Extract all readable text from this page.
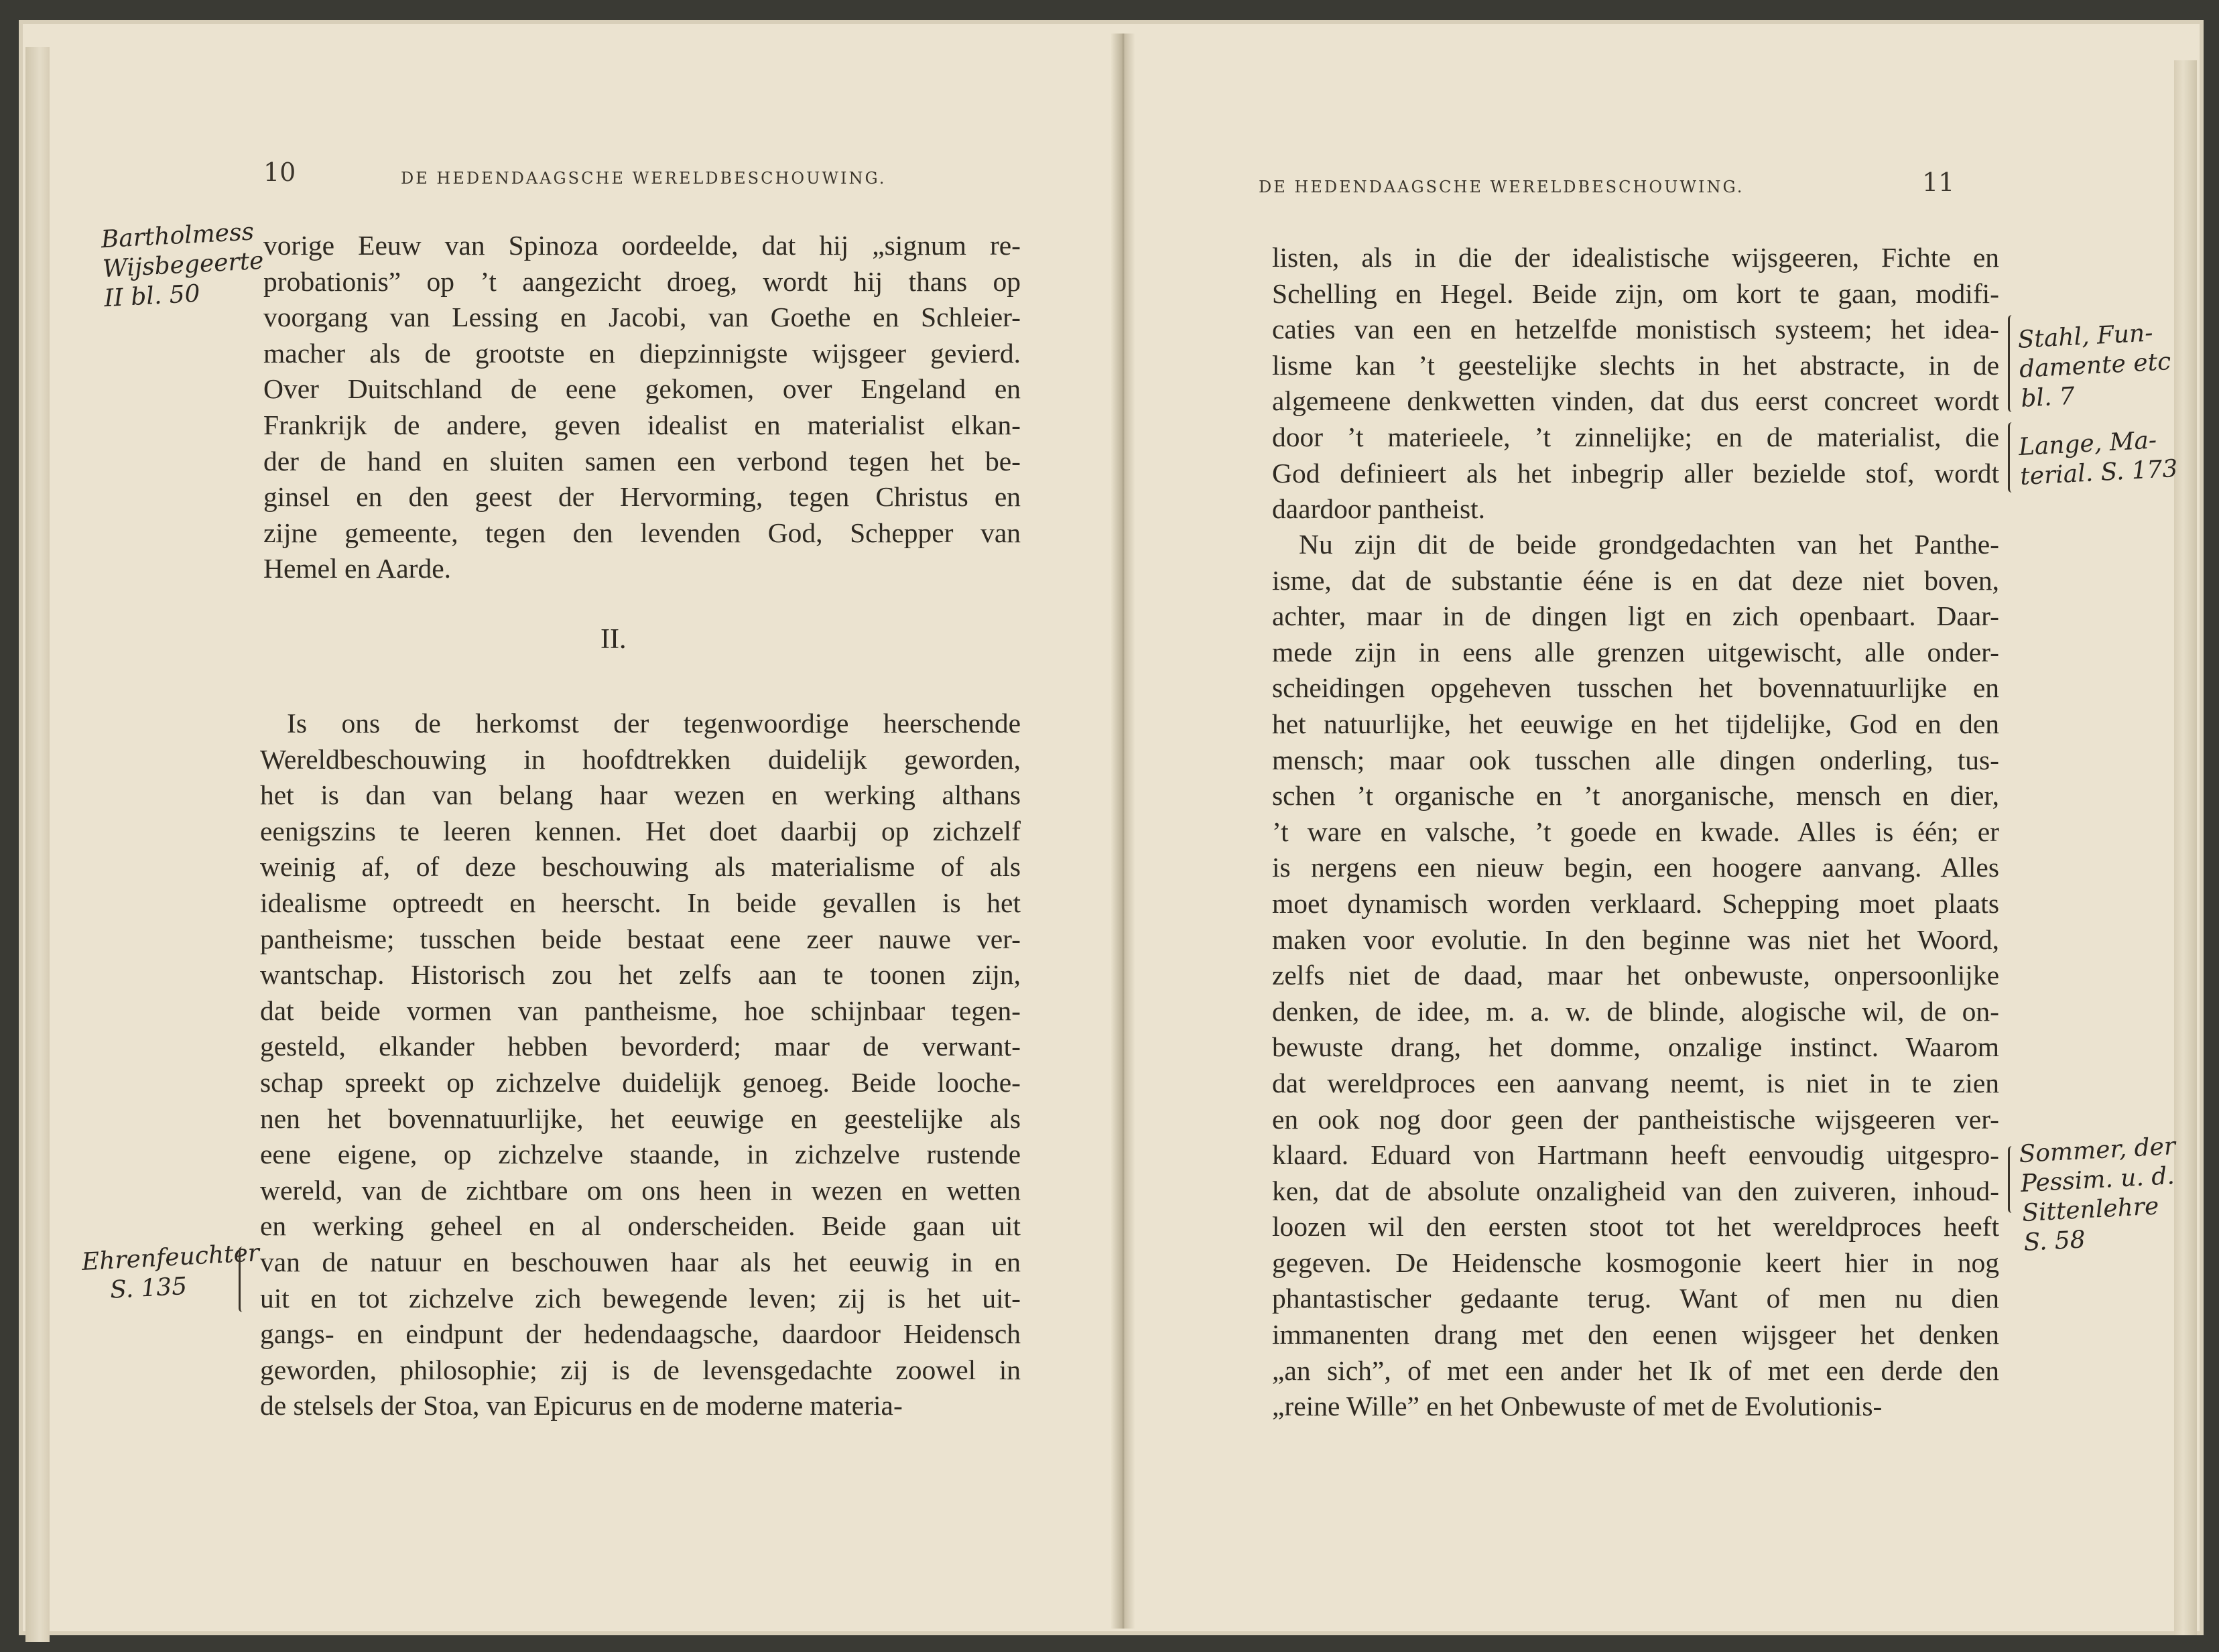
10	DE HEDENDAAGSCHE WERELDBESCHOUWING.
Bartholmess
Wijsbegeerte
II bl. 50
vorige Eeuw van Spinoza oordeelde, dat hij „signum re-
probationis” op ’t aangezicht droeg, wordt hij thans op
voorgang van Lessing en Jacobi, van Goethe en Schleier-
macher als de grootste en diepzinnigste wijsgeer gevierd.
Over Duitschland de eene gekomen, over Engeland en
Frankrijk de andere, geven idealist en materialist elkan-
der de hand en sluiten samen een verbond tegen het be-
ginsel en den geest der Hervorming, tegen Christus en
zijne gemeente, tegen den levenden God, Schepper van
Hemel en Aarde.
II.
Is ons de herkomst der tegenwoordige heerschende
Wereldbeschouwing in hoofdtrekken duidelijk geworden,
het is dan van belang haar wezen en werking althans
eenigszins te leeren kennen. Het doet daarbij op zichzelf
weinig af, of deze beschouwing als materialisme of als
idealisme optreedt en heerscht. In beide gevallen is het
pantheisme; tusschen beide bestaat eene zeer nauwe ver-
wantschap. Historisch zou het zelfs aan te toonen zijn,
dat beide vormen van pantheisme, hoe schijnbaar tegen-
gesteld, elkander hebben bevorderd; maar de verwant-
schap spreekt op zichzelve duidelijk genoeg. Beide looche-
nen het bovennatuurlijke, het eeuwige en geestelijke als
eene eigene, op zichzelve staande, in zichzelve rustende
wereld, van de zichtbare om ons heen in wezen en wetten
en werking geheel en al onderscheiden. Beide gaan uit
van de natuur en beschouwen haar als het eeuwig in en
uit en tot zichzelve zich bewegende leven; zij is het uit-
gangs- en eindpunt der hedendaagsche, daardoor Heidensch
geworden, philosophie; zij is de levensgedachte zoowel in
de stelsels der Stoa, van Epicurus en de moderne materia-
Ehrenfeuchter
S. 135
DE HEDENDAAGSCHE WERELDBESCHOUWING.	11
listen, als in die der idealistische wijsgeeren, Fichte en
Schelling en Hegel. Beide zijn, om kort te gaan, modifi-
caties van een en hetzelfde monistisch systeem; het idea-
lisme kan ’t geestelijke slechts in het abstracte, in de
algemeene denkwetten vinden, dat dus eerst concreet wordt
door ’t materieele, ’t zinnelijke; en de materialist, die
God definieert als het inbegrip aller bezielde stof, wordt
daardoor pantheist.
Nu zijn dit de beide grondgedachten van het Panthe-
isme, dat de substantie ééne is en dat deze niet boven,
achter, maar in de dingen ligt en zich openbaart. Daar-
mede zijn in eens alle grenzen uitgewischt, alle onder-
scheidingen opgeheven tusschen het bovennatuurlijke en
het natuurlijke, het eeuwige en het tijdelijke, God en den
mensch; maar ook tusschen alle dingen onderling, tus-
schen ’t organische en ’t anorganische, mensch en dier,
’t ware en valsche, ’t goede en kwade. Alles is één; er
is nergens een nieuw begin, een hoogere aanvang. Alles
moet dynamisch worden verklaard. Schepping moet plaats
maken voor evolutie. In den beginne was niet het Woord,
zelfs niet de daad, maar het onbewuste, onpersoonlijke
denken, de idee, m. a. w. de blinde, alogische wil, de on-
bewuste drang, het domme, onzalige instinct. Waarom
dat wereldproces een aanvang neemt, is niet in te zien
en ook nog door geen der pantheistische wijsgeeren ver-
klaard. Eduard von Hartmann heeft eenvoudig uitgespro-
ken, dat de absolute onzaligheid van den zuiveren, inhoud-
loozen wil den eersten stoot tot het wereldproces heeft
gegeven. De Heidensche kosmogonie keert hier in nog
phantastischer gedaante terug. Want of men nu dien
immanenten drang met den eenen wijsgeer het denken
„an sich”, of met een ander het Ik of met een derde den
„reine Wille” en het Onbewuste of met de Evolutionis-
Stahl, Fun-
damente etc
bl. 7
Lange, Ma-
terial. S. 173
Sommer, der
Pessim. u. d.
Sittenlehre
S. 58
